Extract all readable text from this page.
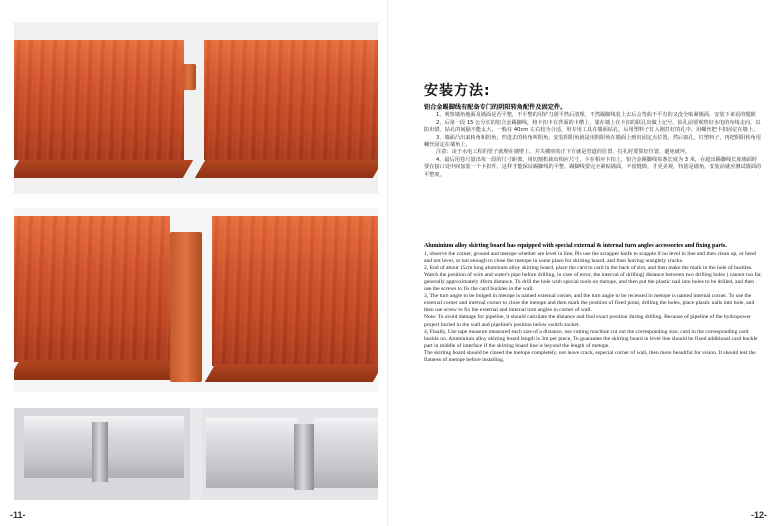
-11-	-12-
安装方法:
铝合金踢脚线有配备专门的阴阳转角配件及固定件。

1、观察墙角地面及墙面是否平整，不平整的用铲刀刮平然后清理，不然踢脚线装上去后会弯曲不平有的又没全贴紧墙面，安装下来看的缝隙

2、后第一段 15 公分长的铝合金踢脚线，将卡扣卡在背面的卡槽上，靠在墙上在卡扣的联孔出做上记号，钻孔前要观察好水电的布线走向，以防出错。钻孔的间隔不能太大，一般在 40cm 左右较为合适，用专用工具在墙面钻孔，后用塑料子钉入刚打好的孔中，用螺丝把卡扣固定在墙上。

3、墙面凸出来转角和阴角，凹进去的转角叫阴角，安装阴阳角就是用阴阳角在墙面上画出固定点位置，然后取孔，钉塑料子，再把阴阳转角用螺丝固定在墙角上。

注意：由于水电工程的管子就埋在墙壁上，并关插座的正下方就是管道的位置，打孔时要算好位置，避免破坏。

4、最后用卷尺量出每一段的尺寸距离，用切割机裁出相应尺寸，卡在相应卡扣上，铝合金踢脚线每条长度为 3 米，在超出踢脚线长度墙面时要在接口处中间加装一个卡扣件，这样才能保证踢脚线的平整，踢脚线要完全紧贴墙面，不留缝隙，才更美观，特别是墙角，安装前就应测试墙面的平整度。

Aluminium alloy skirting board has equipped with special external & internal turn angles accessories and fixing parts.

1, observe the corner, ground and metope whether are level in line, Pls use the scrapper knife to scapple if no level in line and then clean up, or bend and not level, or not enough to close the metope in some place for skirting board, and then leaving unsightly cracks.

2, End of about 15cm long aluminum alloy skirting board, place the card to card in the back of slot, and then make the mark in the hole of buckles. Watch the position of wire and water's pipe before drilling, in case of error, the interval of drilling( distance between two drilling holes ) cannot too far, generally approximately 40cm distance. To drill the hole with special tools on metope, and then put the plastic nail into holes to be drilled, and then use the screws to fix the card buckles in the wall.

3, The turn angle to be bulged in metope is named external corner, and the turn angle to be recessed in metope is named internal corner. To use the external corner and internal corner to close the metope and then mark the position of fixed point, drilling the holes, place plastic nails into hole, and then use screw to fix the external and internal turn angles in corner of wall.

Note: To avoid damage for pipeline, it should calculate the distance and find exact position during drilling. Because of pipeline of the hydropower project buried in the wall and pipeline's position below switch socket.

4, Finally, Use tape measure measured each size of a distance, use cutting machine cut out the corresponding size, card in the corresponding card buckle on. Aluminium alloy skirting board length is 3m per piece, To guarantee the skirting board in level line should be fixed additional card buckle part in middle of interface if the skirting board line is beyond the length of metope.

The skirting board should be closed the metope completely, not leave crack, especial corner of wall, then more beautiful for vision. It should test the flatness of metope before installing.
